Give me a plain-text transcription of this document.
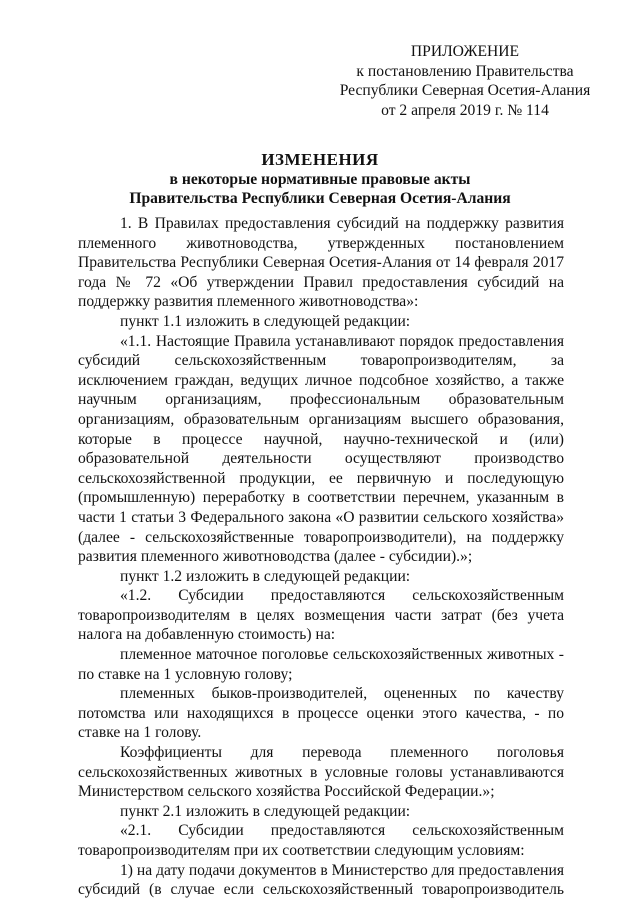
ПРИЛОЖЕНИЕ
к постановлению Правительства
Республики Северная Осетия-Алания
от 2 апреля 2019 г. № 114
ИЗМЕНЕНИЯ
в некоторые нормативные правовые акты
Правительства Республики Северная Осетия-Алания

1. В Правилах предоставления субсидий на поддержку развития племенного животноводства, утвержденных постановлением Правительства Республики Северная Осетия-Алания от 14 февраля 2017 года № 72 «Об утверждении Правил предоставления субсидий на поддержку развития племенного животноводства»:

пункт 1.1 изложить в следующей редакции:

«1.1. Настоящие Правила устанавливают порядок предоставления субсидий сельскохозяйственным товаропроизводителям, за исключением граждан, ведущих личное подсобное хозяйство, а также научным организациям, профессиональным образовательным организациям, образовательным организациям высшего образования, которые в процессе научной, научно-технической и (или) образовательной деятельности осуществляют производство сельскохозяйственной продукции, ее первичную и последующую (промышленную) переработку в соответствии перечнем, указанным в части 1 статьи 3 Федерального закона «О развитии сельского хозяйства» (далее - сельскохозяйственные товаропроизводители), на поддержку развития племенного животноводства (далее - субсидии).»;

пункт 1.2 изложить в следующей редакции:

«1.2. Субсидии предоставляются сельскохозяйственным товаропроизводителям в целях возмещения части затрат (без учета налога на добавленную стоимость) на:

племенное маточное поголовье сельскохозяйственных животных - по ставке на 1 условную голову;

племенных быков-производителей, оцененных по качеству потомства или находящихся в процессе оценки этого качества, - по ставке на 1 голову.

Коэффициенты для перевода племенного поголовья сельскохозяйственных животных в условные головы устанавливаются Министерством сельского хозяйства Российской Федерации.»;

пункт 2.1 изложить в следующей редакции:

«2.1. Субсидии предоставляются сельскохозяйственным товаропроизводителям при их соответствии следующим условиям:

1) на дату подачи документов в Министерство для предоставления субсидий (в случае если сельскохозяйственный товаропроизводитель
